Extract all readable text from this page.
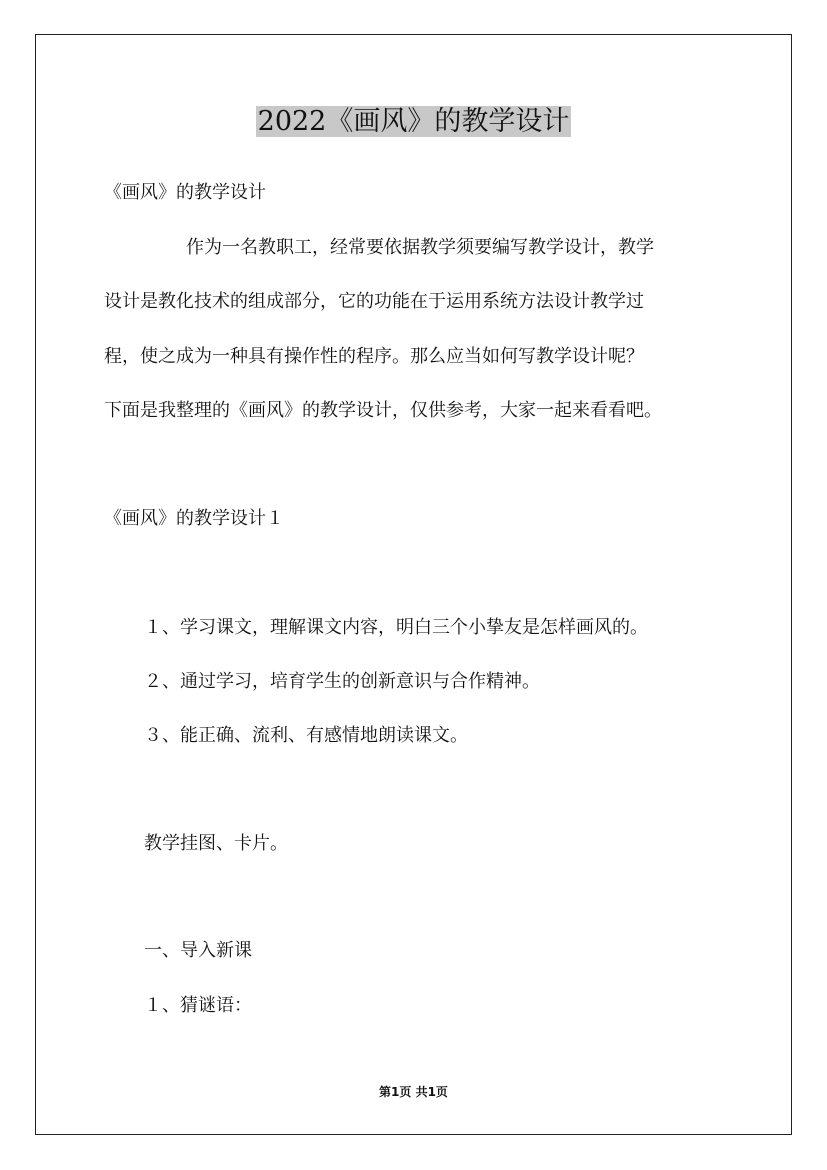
2022《画风》的教学设计
《画风》的教学设计
作为一名教职工，经常要依据教学须要编写教学设计，教学
设计是教化技术的组成部分，它的功能在于运用系统方法设计教学过
程，使之成为一种具有操作性的程序。那么应当如何写教学设计呢？
下面是我整理的《画风》的教学设计，仅供参考，大家一起来看看吧。
《画风》的教学设计１
１、学习课文，理解课文内容，明白三个小挚友是怎样画风的。
２、通过学习，培育学生的创新意识与合作精神。
３、能正确、流利、有感情地朗读课文。
教学挂图、卡片。
一、导入新课
１、猜谜语：
第1页 共1页
